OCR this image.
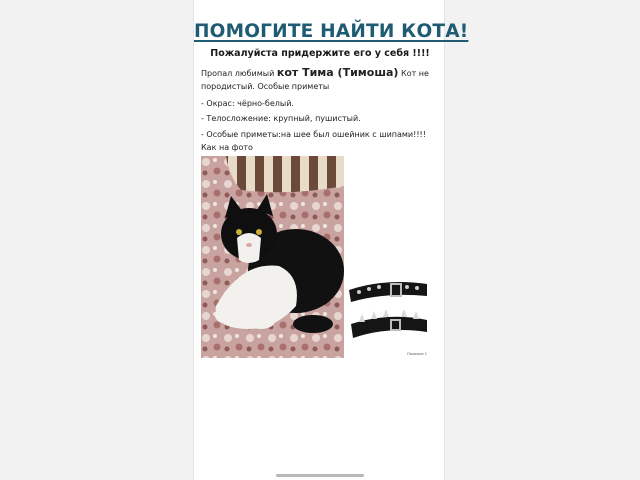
ПОМОГИТЕ НАЙТИ КОТА!
Пожалуйста придержите его у себя !!!!
Пропал любимый кот Тима (Тимоша) Кот не породистый. Особые приметы
- Окрас: чёрно-белый.
- Телосложение: крупный, пушистый.
- Особые приметы:на шее был ошейник с шипами!!!! Как на фото
Похожие 1
